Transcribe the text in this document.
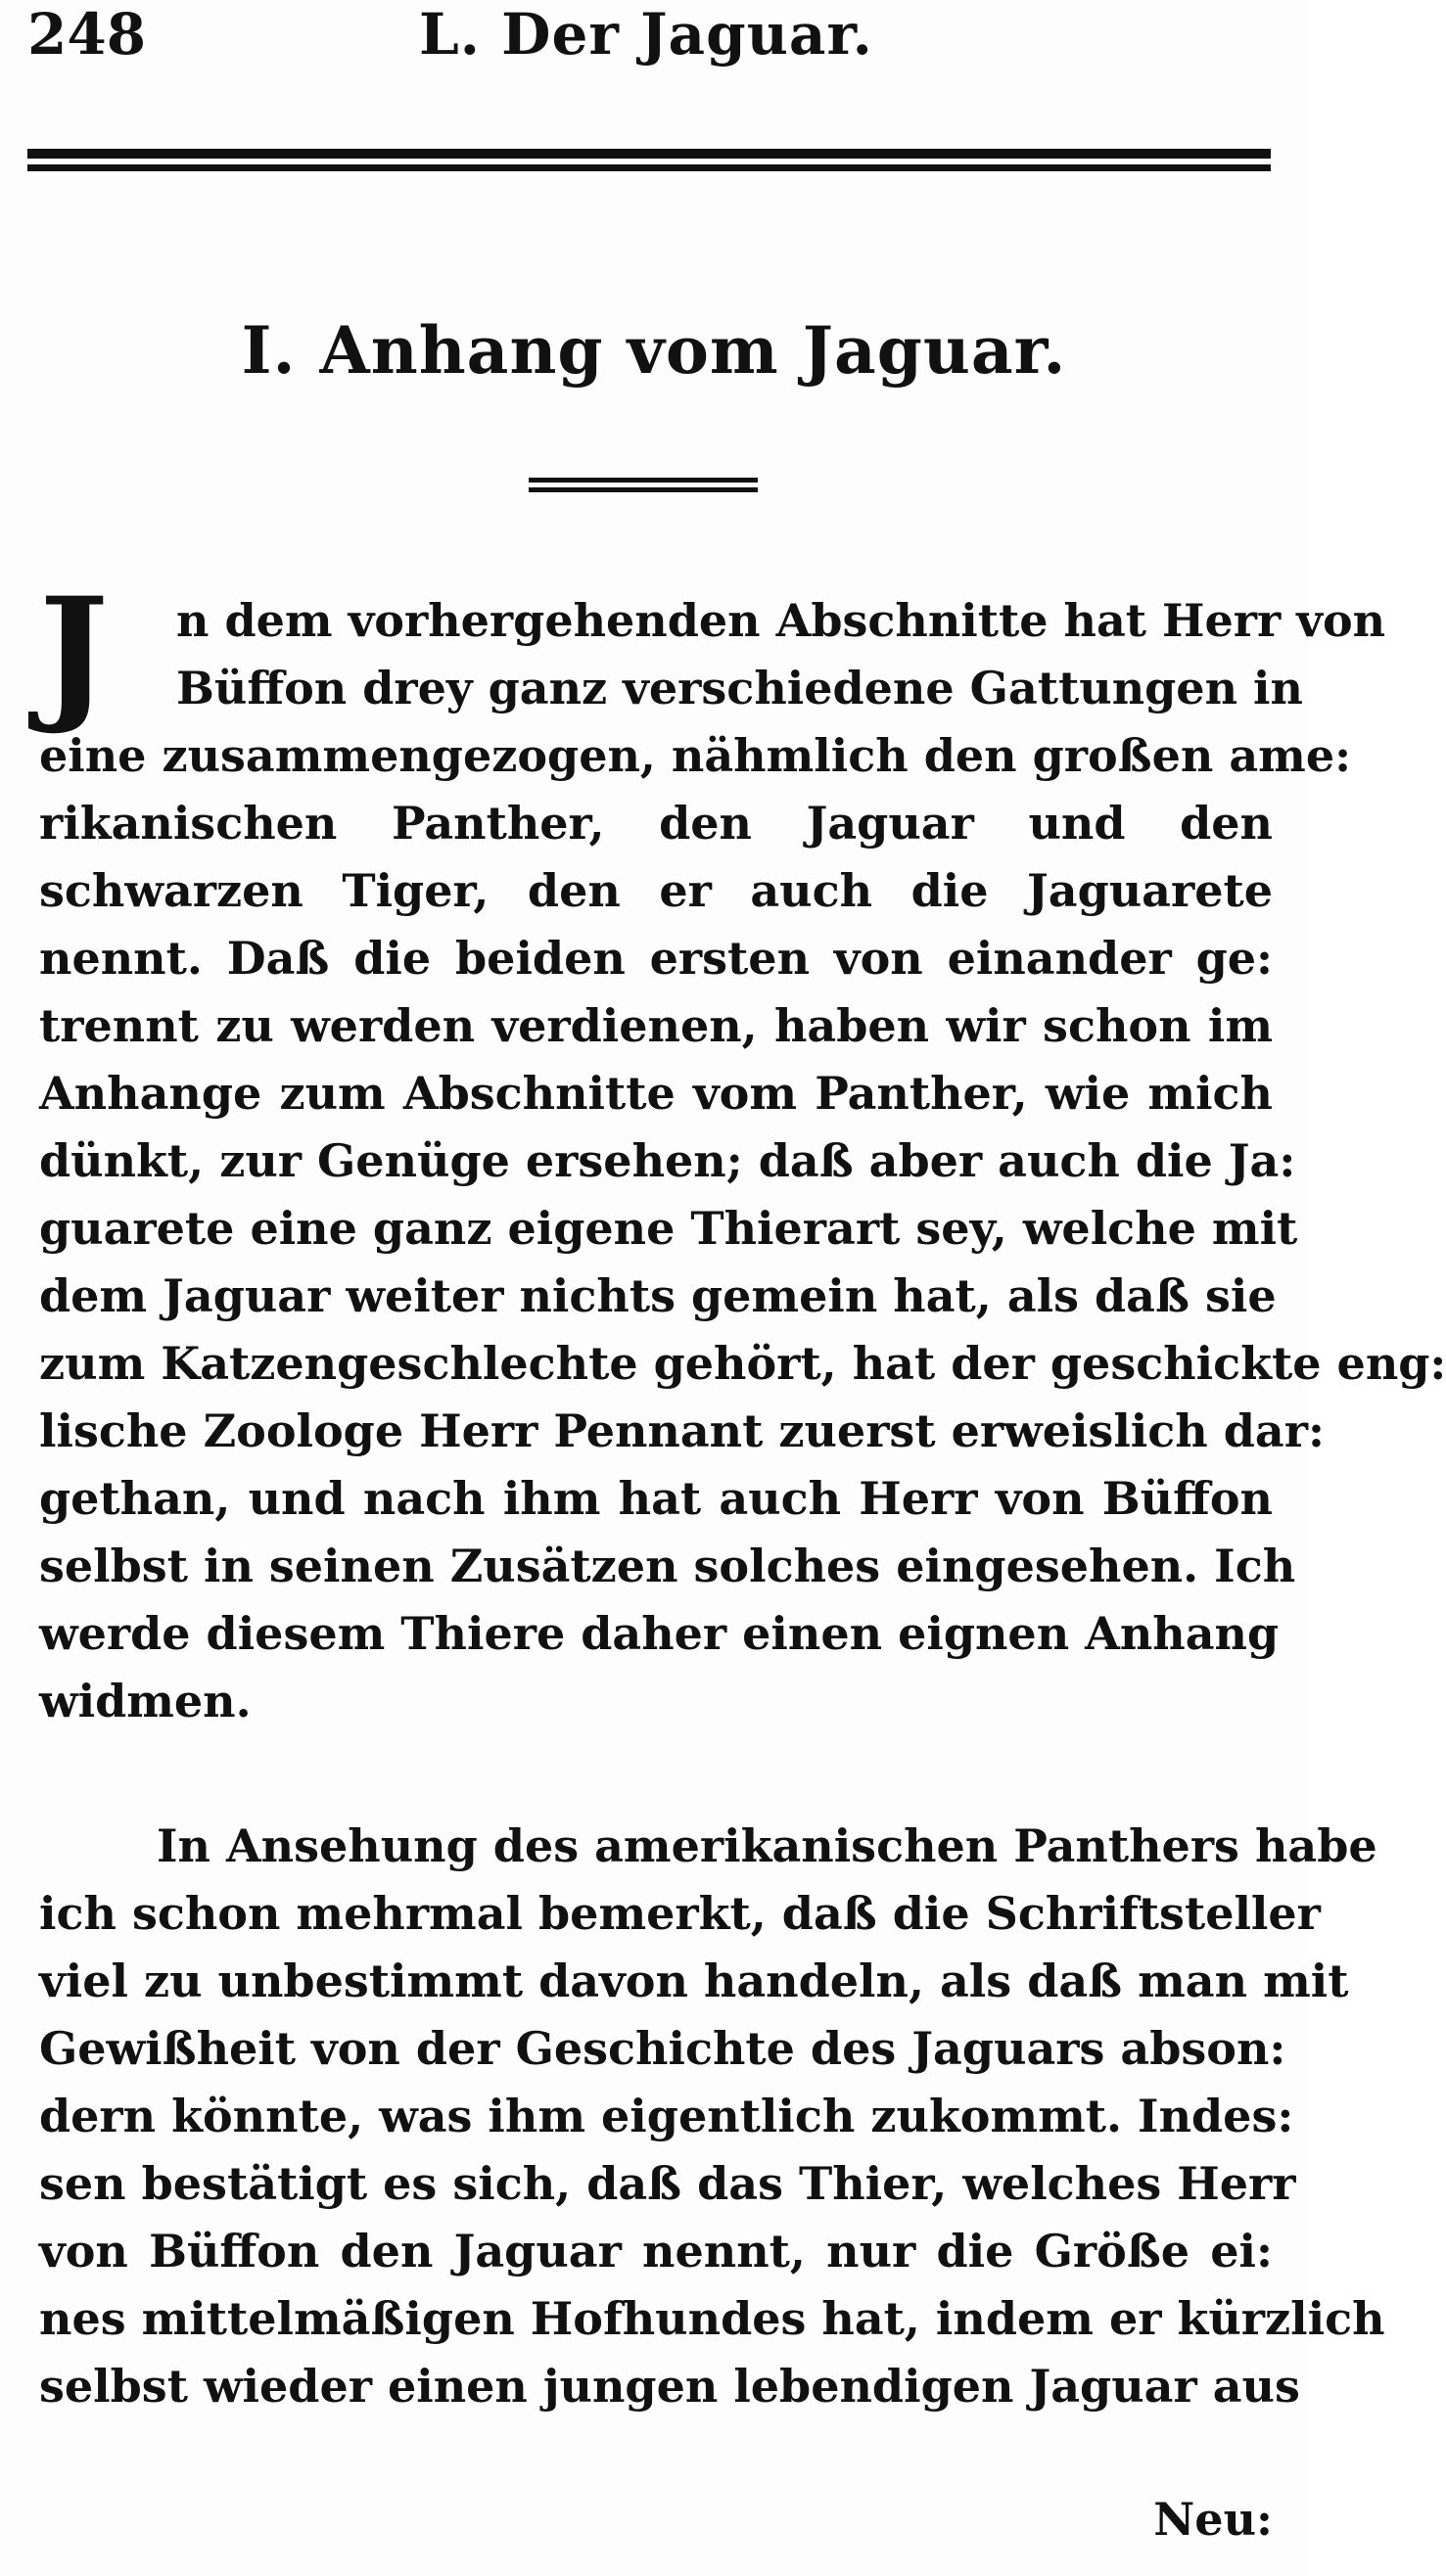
248	L. Der Jaguar.
I. Anhang vom Jaguar.
J	n dem vorhergehenden Abschnitte hat Herr von
Büffon drey ganz verschiedene Gattungen in
eine zusammengezogen, nähmlich den großen ame:
rikanischen Panther, den Jaguar und den
schwarzen Tiger, den er auch die Jaguarete
nennt. Daß die beiden ersten von einander ge:
trennt zu werden verdienen, haben wir schon im
Anhange zum Abschnitte vom Panther, wie mich
dünkt, zur Genüge ersehen; daß aber auch die Ja:
guarete eine ganz eigene Thierart sey, welche mit
dem Jaguar weiter nichts gemein hat, als daß sie
zum Katzengeschlechte gehört, hat der geschickte eng:
lische Zoologe Herr Pennant zuerst erweislich dar:
gethan, und nach ihm hat auch Herr von Büffon
selbst in seinen Zusätzen solches eingesehen. Ich
werde diesem Thiere daher einen eignen Anhang
widmen.
In Ansehung des amerikanischen Panthers habe
ich schon mehrmal bemerkt, daß die Schriftsteller
viel zu unbestimmt davon handeln, als daß man mit
Gewißheit von der Geschichte des Jaguars abson:
dern könnte, was ihm eigentlich zukommt. Indes:
sen bestätigt es sich, daß das Thier, welches Herr
von Büffon den Jaguar nennt, nur die Größe ei:
nes mittelmäßigen Hofhundes hat, indem er kürzlich
selbst wieder einen jungen lebendigen Jaguar aus
Neu:
